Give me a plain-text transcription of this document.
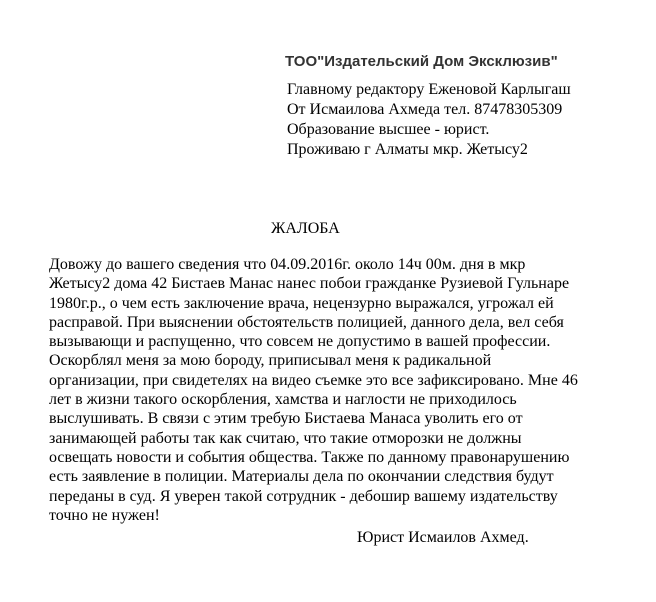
ТОО"Издательский Дом Эксклюзив"
Главному редактору Еженовой Карлыгаш
От Исмаилова Ахмеда тел. 87478305309
Образование высшее - юрист.
Проживаю г Алматы мкр. Жетысу2
ЖАЛОБА
Довожу до вашего сведения что 04.09.2016г. около 14ч 00м. дня в мкр
Жетысу2 дома 42 Бистаев Манас нанес побои гражданке Рузиевой Гульнаре
1980г.р., о чем есть заключение врача, нецензурно выражался, угрожал ей
расправой. При выяснении обстоятельств полицией, данного дела, вел себя
вызывающи и распущенно, что совсем не допустимо в вашей профессии.
Оскорблял меня за мою бороду, приписывал меня к радикальной
организации, при свидетелях на видео съемке это все зафиксировано. Мне 46
лет в жизни такого оскорбления, хамства и наглости не приходилось
выслушивать. В связи с этим требую Бистаева Манаса уволить его от
занимающей работы так как считаю, что такие отморозки не должны
освещать новости и события общества. Также по данному правонарушению
есть заявление в полиции. Материалы дела по окончании следствия будут
переданы в суд. Я уверен такой сотрудник - дебошир вашему издательству
точно не нужен!
Юрист Исмаилов Ахмед.
